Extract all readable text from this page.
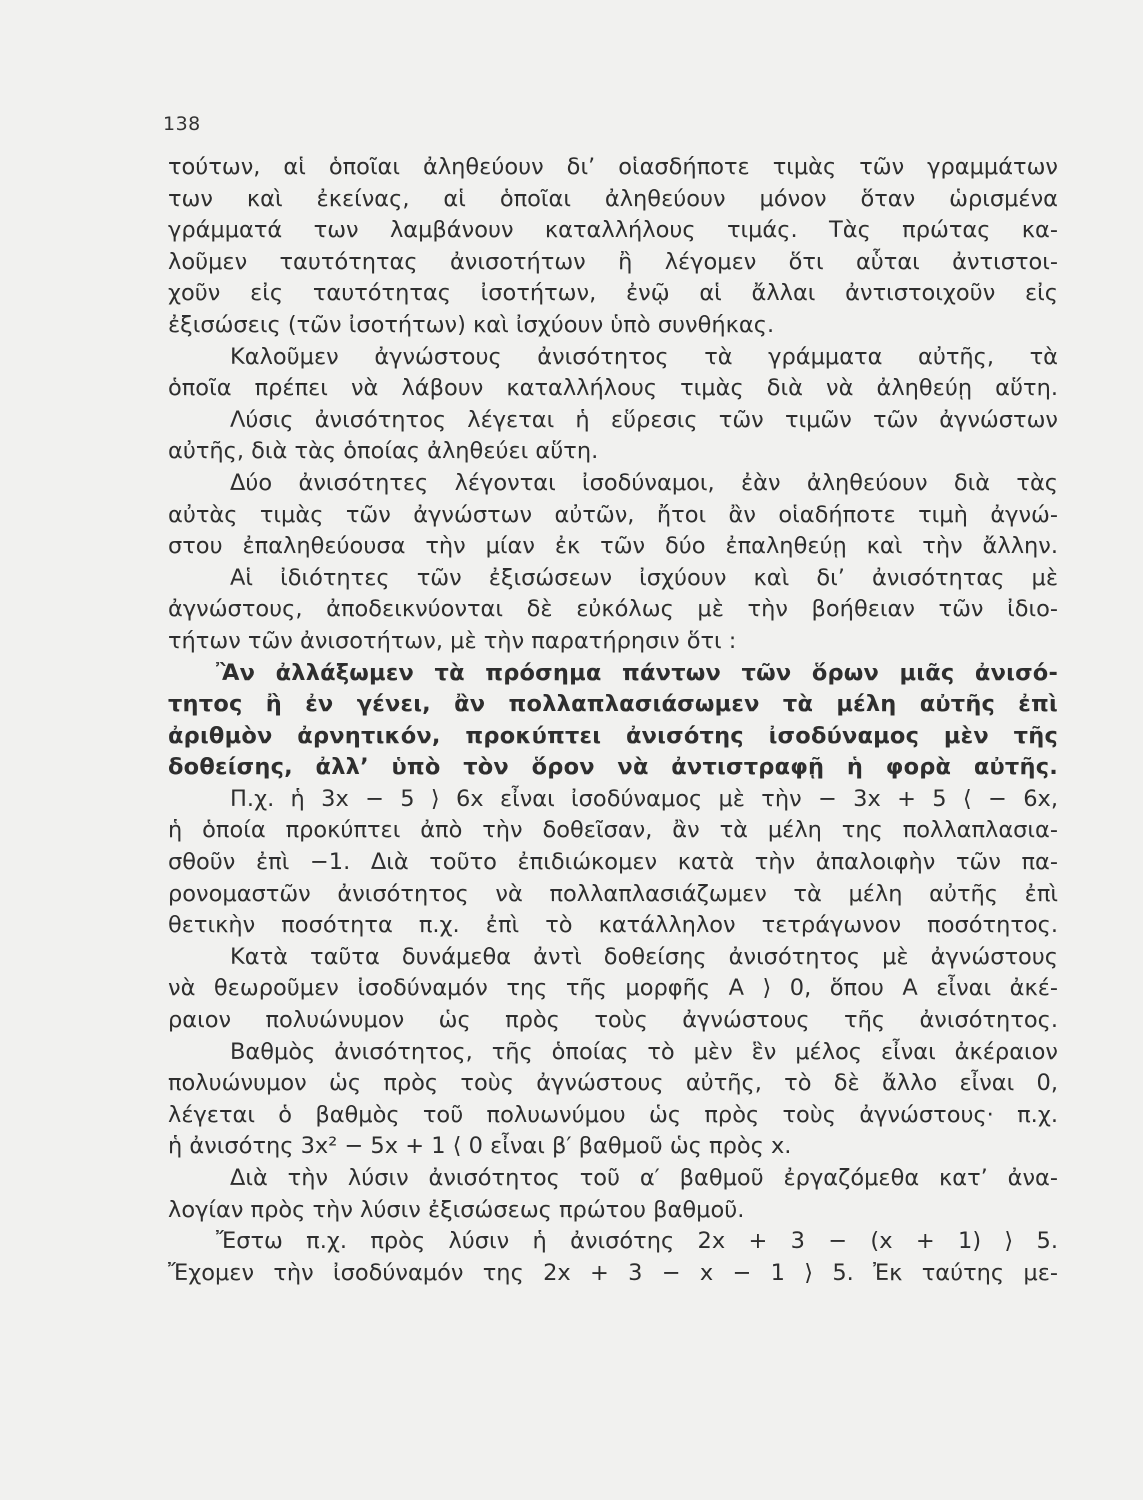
138
τούτων, αἱ ὁποῖαι ἀληθεύουν δι’ οἱασδήποτε τιμὰς τῶν γραμμάτων
των καὶ ἐκείνας, αἱ ὁποῖαι ἀληθεύουν μόνον ὅταν ὡρισμένα
γράμματά των λαμβάνουν καταλλήλους τιμάς. Τὰς πρώτας κα-
λοῦμεν ταυτότητας ἀνισοτήτων ἢ λέγομεν ὅτι αὗται ἀντιστοι-
χοῦν εἰς ταυτότητας ἰσοτήτων, ἐνῷ αἱ ἄλλαι ἀντιστοιχοῦν εἰς
ἐξισώσεις (τῶν ἰσοτήτων) καὶ ἰσχύουν ὑπὸ συνθήκας.
Καλοῦμεν ἀγνώστους ἀνισότητος τὰ γράμματα αὐτῆς, τὰ
ὁποῖα πρέπει νὰ λάβουν καταλλήλους τιμὰς διὰ νὰ ἀληθεύῃ αὕτη.
Λύσις ἀνισότητος λέγεται ἡ εὕρεσις τῶν τιμῶν τῶν ἀγνώστων
αὐτῆς, διὰ τὰς ὁποίας ἀληθεύει αὕτη.
Δύο ἀνισότητες λέγονται ἰσοδύναμοι, ἐὰν ἀληθεύουν διὰ τὰς
αὐτὰς τιμὰς τῶν ἀγνώστων αὐτῶν, ἤτοι ἂν οἱαδήποτε τιμὴ ἀγνώ-
στου ἐπαληθεύουσα τὴν μίαν ἐκ τῶν δύο ἐπαληθεύῃ καὶ τὴν ἄλλην.
Αἱ ἰδιότητες τῶν ἐξισώσεων ἰσχύουν καὶ δι’ ἀνισότητας μὲ
ἀγνώστους, ἀποδεικνύονται δὲ εὐκόλως μὲ τὴν βοήθειαν τῶν ἰδιο-
τήτων τῶν ἀνισοτήτων, μὲ τὴν παρατήρησιν ὅτι :
Ἂν ἀλλάξωμεν τὰ πρόσημα πάντων τῶν ὅρων μιᾶς ἀνισό-
τητος ἢ ἐν γένει, ἂν πολλαπλασιάσωμεν τὰ μέλη αὐτῆς ἐπὶ
ἀριθμὸν ἀρνητικόν, προκύπτει ἀνισότης ἰσοδύναμος μὲν τῆς
δοθείσης, ἀλλ’ ὑπὸ τὸν ὅρον νὰ ἀντιστραφῇ ἡ φορὰ αὐτῆς.
Π.χ. ἡ 3x − 5 ⟩ 6x εἶναι ἰσοδύναμος μὲ τὴν − 3x + 5 ⟨ − 6x,
ἡ ὁποία προκύπτει ἀπὸ τὴν δοθεῖσαν, ἂν τὰ μέλη της πολλαπλασια-
σθοῦν ἐπὶ −1. Διὰ τοῦτο ἐπιδιώκομεν κατὰ τὴν ἀπαλοιφὴν τῶν πα-
ρονομαστῶν ἀνισότητος νὰ πολλαπλασιάζωμεν τὰ μέλη αὐτῆς ἐπὶ
θετικὴν ποσότητα π.χ. ἐπὶ τὸ κατάλληλον τετράγωνον ποσότητος.
Κατὰ ταῦτα δυνάμεθα ἀντὶ δοθείσης ἀνισότητος μὲ ἀγνώστους
νὰ θεωροῦμεν ἰσοδύναμόν της τῆς μορφῆς Α ⟩ 0, ὅπου Α εἶναι ἀκέ-
ραιον πολυώνυμον ὡς πρὸς τοὺς ἀγνώστους τῆς ἀνισότητος.
Βαθμὸς ἀνισότητος, τῆς ὁποίας τὸ μὲν ἓν μέλος εἶναι ἀκέραιον
πολυώνυμον ὡς πρὸς τοὺς ἀγνώστους αὐτῆς, τὸ δὲ ἄλλο εἶναι 0,
λέγεται ὁ βαθμὸς τοῦ πολυωνύμου ὡς πρὸς τοὺς ἀγνώστους· π.χ.
ἡ ἀνισότης 3x² − 5x + 1 ⟨ 0 εἶναι β′ βαθμοῦ ὡς πρὸς x.
Διὰ τὴν λύσιν ἀνισότητος τοῦ α′ βαθμοῦ ἐργαζόμεθα κατ’ ἀνα-
λογίαν πρὸς τὴν λύσιν ἐξισώσεως πρώτου βαθμοῦ.
Ἔστω π.χ. πρὸς λύσιν ἡ ἀνισότης 2x + 3 − (x + 1) ⟩ 5.
Ἔχομεν τὴν ἰσοδύναμόν της 2x + 3 − x − 1 ⟩ 5. Ἐκ ταύτης με-
